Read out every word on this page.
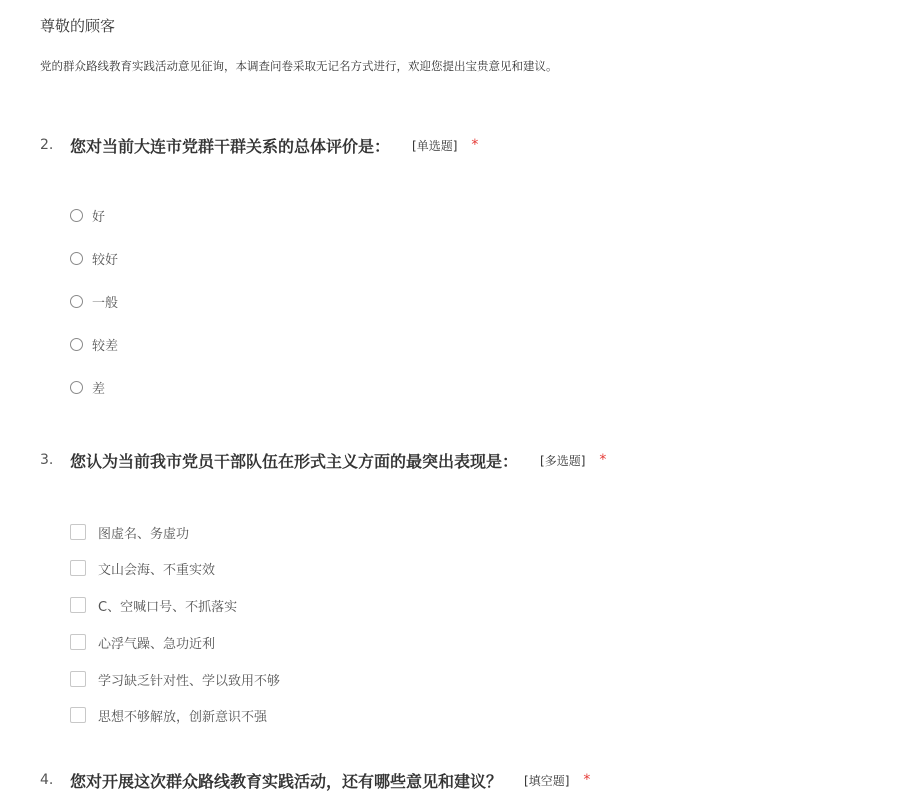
尊敬的顾客
党的群众路线教育实践活动意见征询，本调查问卷采取无记名方式进行，欢迎您提出宝贵意见和建议。
2.	您对当前大连市党群干群关系的总体评价是： [单选题] *
好
较好
一般
较差
差
3.	您认为当前我市党员干部队伍在形式主义方面的最突出表现是： [多选题] *
图虚名、务虚功
文山会海、不重实效
C、空喊口号、不抓落实
心浮气躁、急功近利
学习缺乏针对性、学以致用不够
思想不够解放，创新意识不强
4.	您对开展这次群众路线教育实践活动，还有哪些意见和建议？ [填空题] *
